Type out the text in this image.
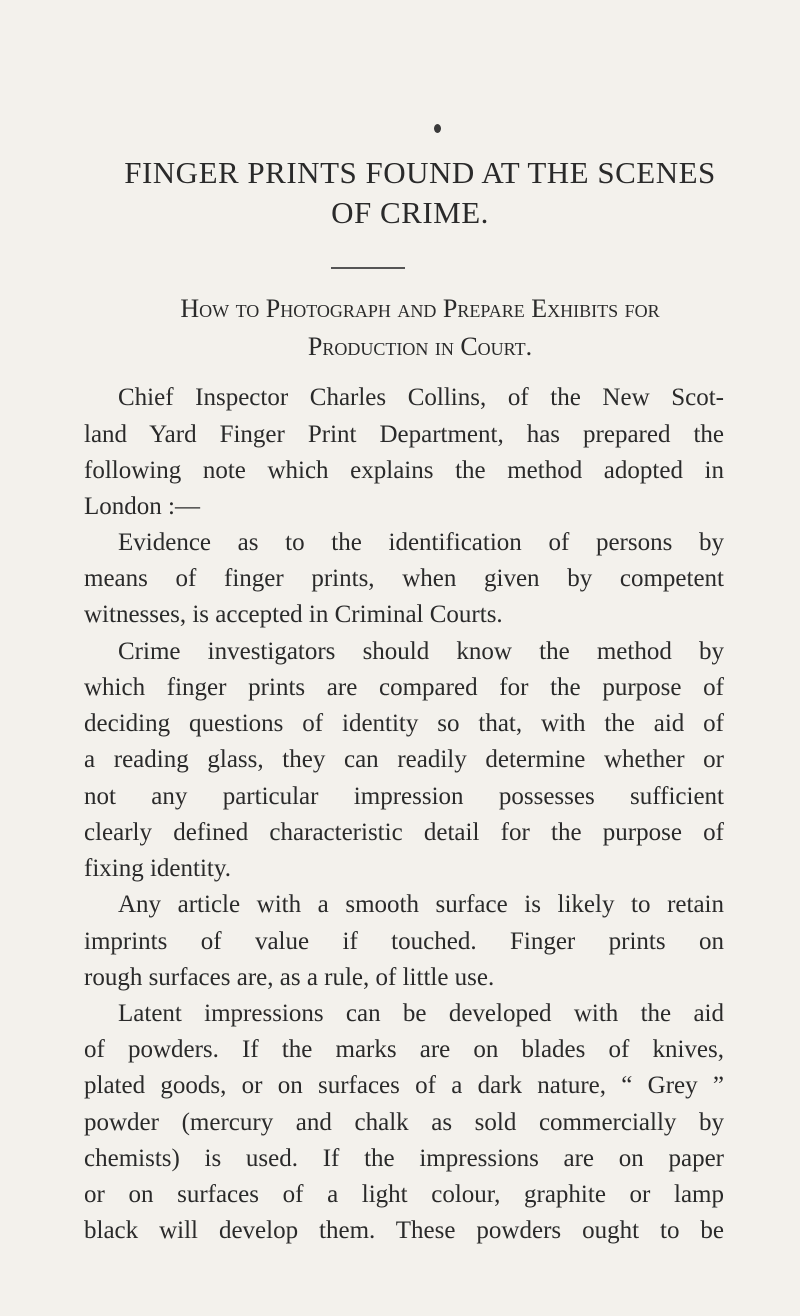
FINGER PRINTS FOUND AT THE SCENES
OF CRIME.
How to Photograph and Prepare Exhibits for
Production in Court.
Chief Inspector Charles Collins, of the New Scot-
land Yard Finger Print Department, has prepared the
following note which explains the method adopted in
London :—
Evidence as to the identification of persons by
means of finger prints, when given by competent
witnesses, is accepted in Criminal Courts.
Crime investigators should know the method by
which finger prints are compared for the purpose of
deciding questions of identity so that, with the aid of
a reading glass, they can readily determine whether or
not any particular impression possesses sufficient
clearly defined characteristic detail for the purpose of
fixing identity.
Any article with a smooth surface is likely to retain
imprints of value if touched. Finger prints on
rough surfaces are, as a rule, of little use.
Latent impressions can be developed with the aid
of powders. If the marks are on blades of knives,
plated goods, or on surfaces of a dark nature, “ Grey ”
powder (mercury and chalk as sold commercially by
chemists) is used. If the impressions are on paper
or on surfaces of a light colour, graphite or lamp
black will develop them. These powders ought to be
